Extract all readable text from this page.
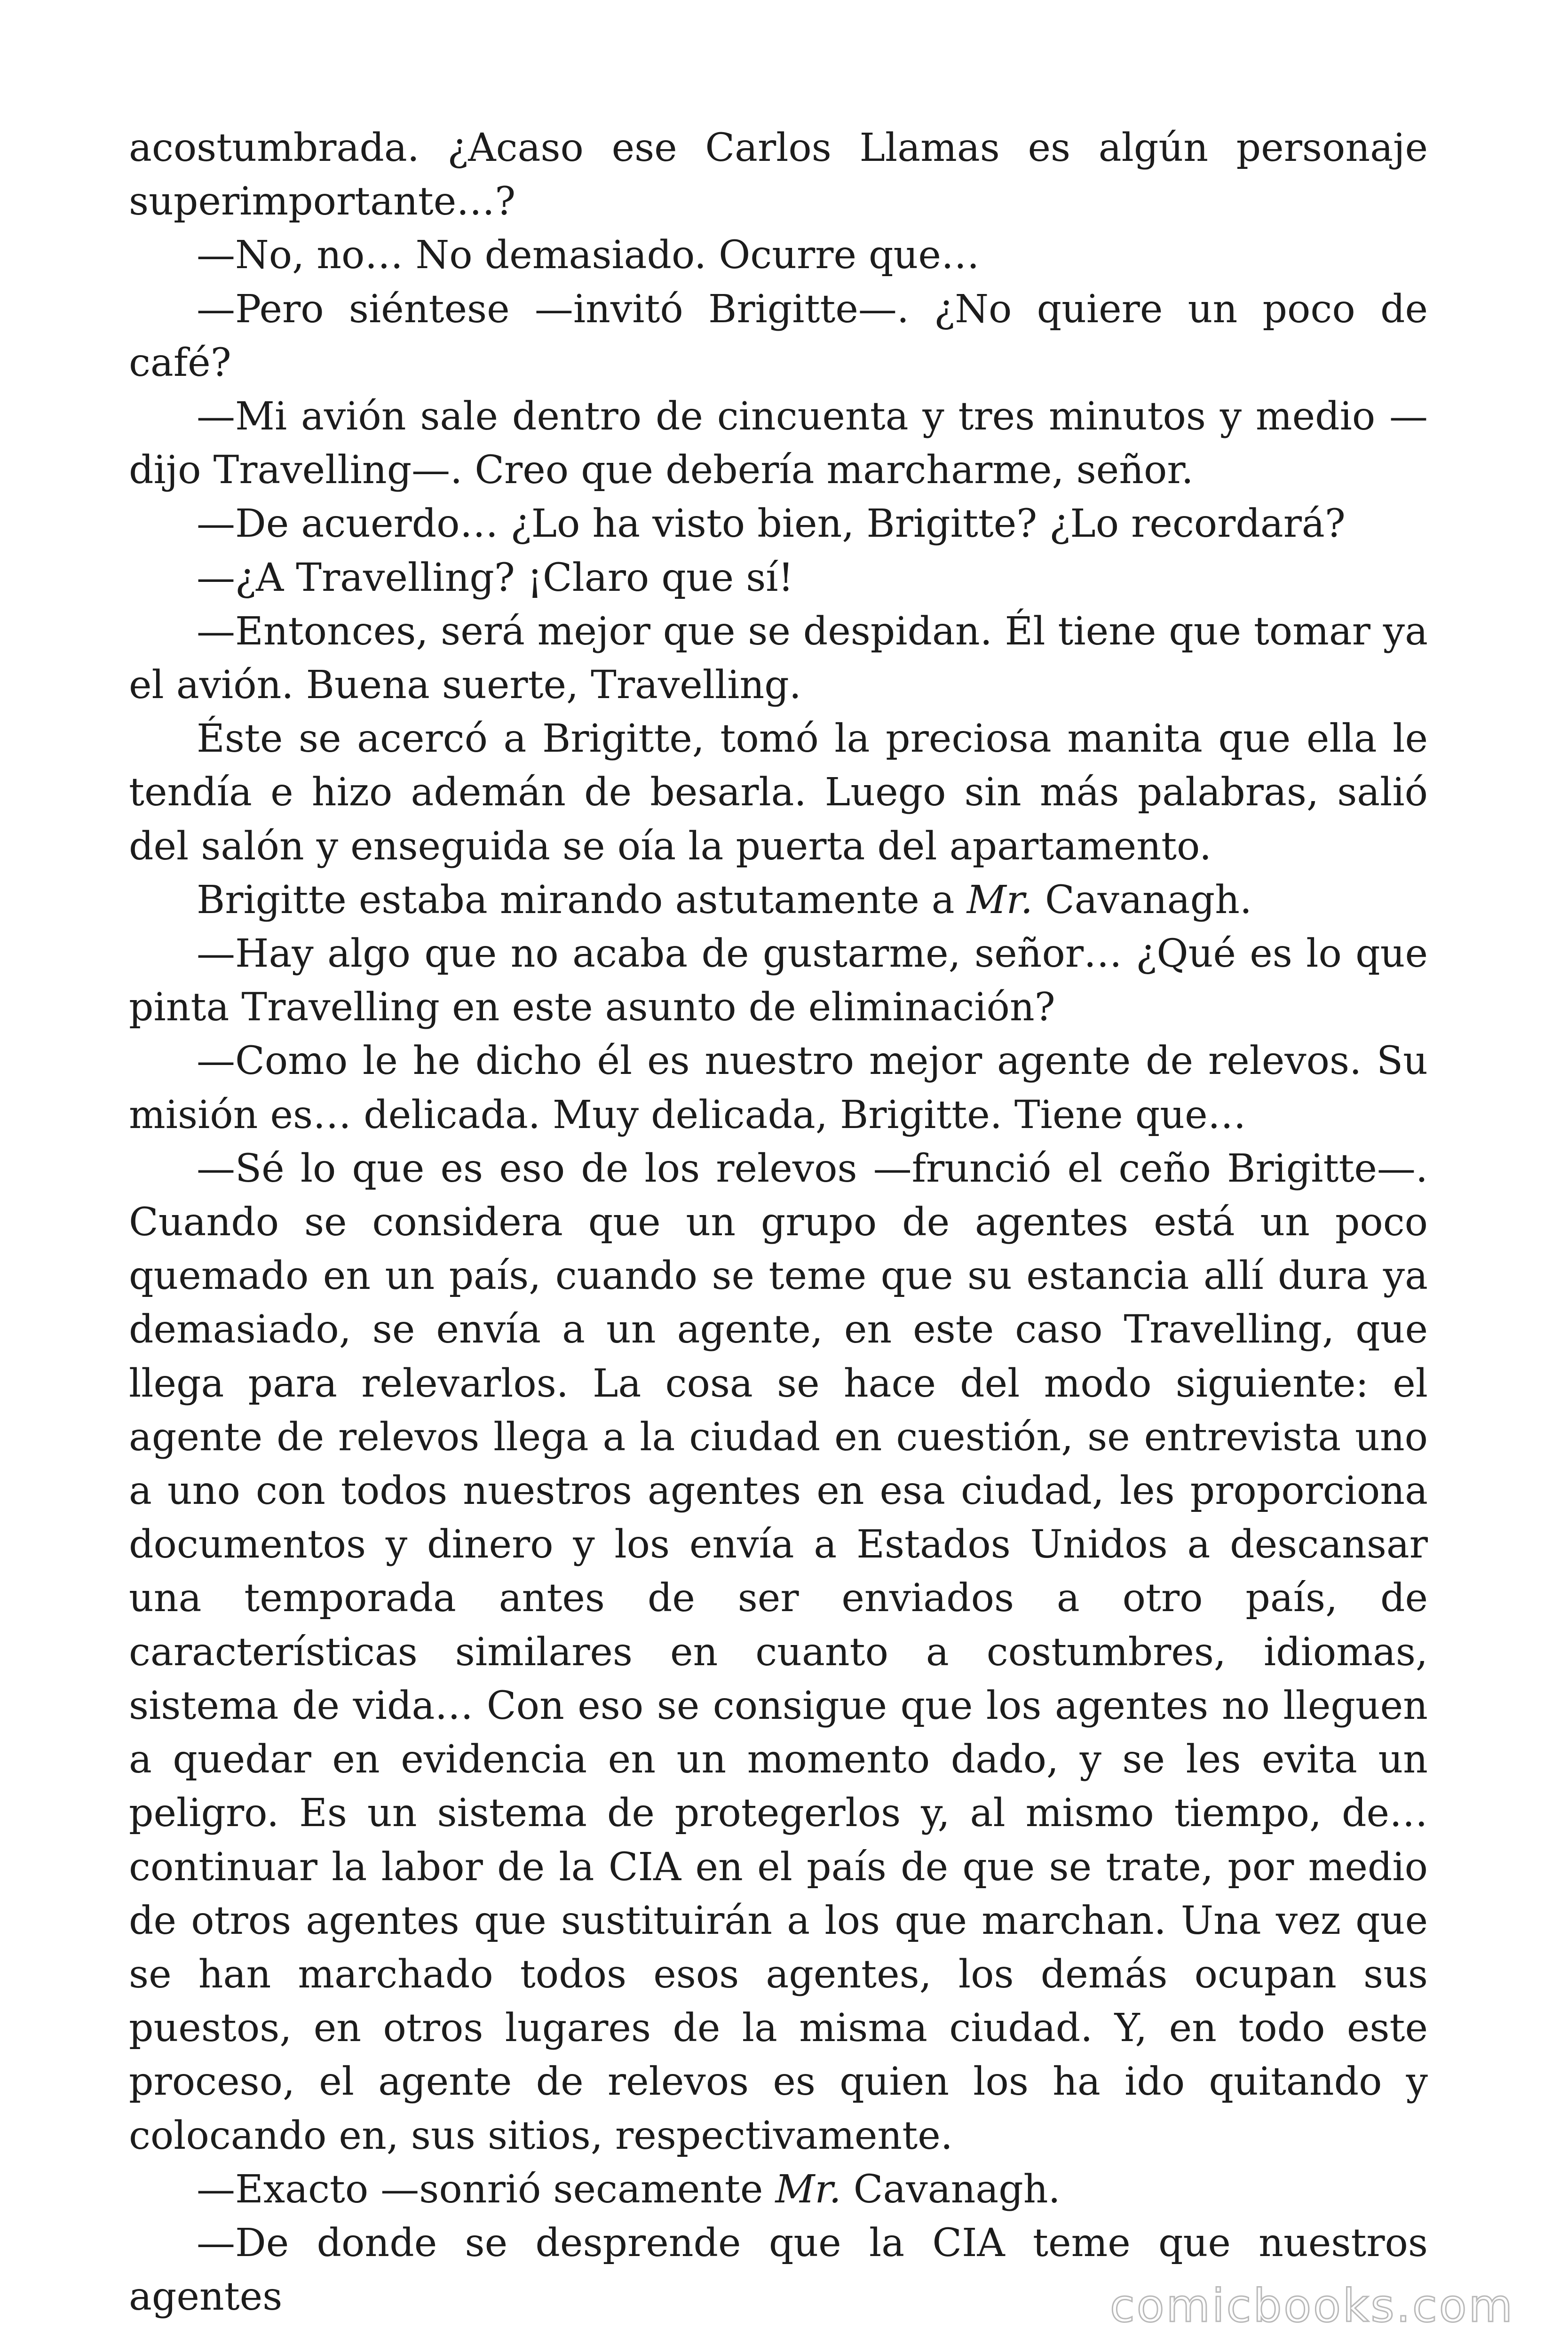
acostumbrada. ¿Acaso ese Carlos Llamas es algún personaje superimportante…?

—No, no… No demasiado. Ocurre que…

—Pero siéntese —invitó Brigitte—. ¿No quiere un poco de café?

—Mi avión sale dentro de cincuenta y tres minutos y medio — dijo Travelling—. Creo que debería marcharme, señor.

—De acuerdo… ¿Lo ha visto bien, Brigitte? ¿Lo recordará?

—¿A Travelling? ¡Claro que sí!

—Entonces, será mejor que se despidan. Él tiene que tomar ya el avión. Buena suerte, Travelling.

Éste se acercó a Brigitte, tomó la preciosa manita que ella le tendía e hizo ademán de besarla. Luego sin más palabras, salió del salón y enseguida se oía la puerta del apartamento.

Brigitte estaba mirando astutamente a Mr. Cavanagh.

—Hay algo que no acaba de gustarme, señor… ¿Qué es lo que pinta Travelling en este asunto de eliminación?

—Como le he dicho él es nuestro mejor agente de relevos. Su misión es… delicada. Muy delicada, Brigitte. Tiene que…

—Sé lo que es eso de los relevos —frunció el ceño Brigitte—. Cuando se considera que un grupo de agentes está un poco quemado en un país, cuando se teme que su estancia allí dura ya demasiado, se envía a un agente, en este caso Travelling, que llega para relevarlos. La cosa se hace del modo siguiente: el agente de relevos llega a la ciudad en cuestión, se entrevista uno a uno con todos nuestros agentes en esa ciudad, les proporciona documentos y dinero y los envía a Estados Unidos a descansar una temporada antes de ser enviados a otro país, de características similares en cuanto a costumbres, idiomas, sistema de vida… Con eso se consigue que los agentes no lleguen a quedar en evidencia en un momento dado, y se les evita un peligro. Es un sistema de protegerlos y, al mismo tiempo, de… continuar la labor de la CIA en el país de que se trate, por medio de otros agentes que sustituirán a los que marchan. Una vez que se han marchado todos esos agentes, los demás ocupan sus puestos, en otros lugares de la misma ciudad. Y, en todo este proceso, el agente de relevos es quien los ha ido quitando y colocando en, sus sitios, respectivamente.

—Exacto —sonrió secamente Mr. Cavanagh.

—De donde se desprende que la CIA teme que nuestros agentes	comicbooks.com
